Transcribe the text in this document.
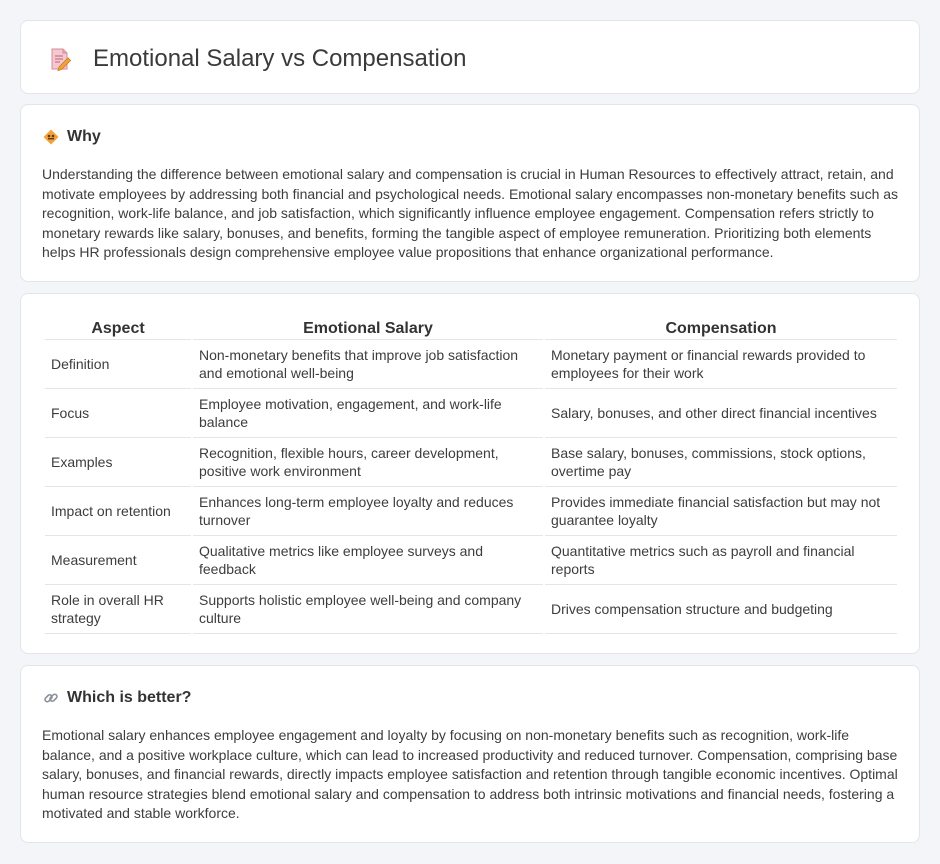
Emotional Salary vs Compensation
Why

Understanding the difference between emotional salary and compensation is crucial in Human Resources to effectively attract, retain, and motivate employees by addressing both financial and psychological needs. Emotional salary encompasses non-monetary benefits such as recognition, work-life balance, and job satisfaction, which significantly influence employee engagement. Compensation refers strictly to monetary rewards like salary, bonuses, and benefits, forming the tangible aspect of employee remuneration. Prioritizing both elements helps HR professionals design comprehensive employee value propositions that enhance organizational performance.

Aspect	Emotional Salary	Compensation
Definition	Non-monetary benefits that improve job satisfaction and emotional well-being	Monetary payment or financial rewards provided to employees for their work
Focus	Employee motivation, engagement, and work-life balance	Salary, bonuses, and other direct financial incentives
Examples	Recognition, flexible hours, career development, positive work environment	Base salary, bonuses, commissions, stock options, overtime pay
Impact on retention	Enhances long-term employee loyalty and reduces turnover	Provides immediate financial satisfaction but may not guarantee loyalty
Measurement	Qualitative metrics like employee surveys and feedback	Quantitative metrics such as payroll and financial reports
Role in overall HR strategy	Supports holistic employee well-being and company culture	Drives compensation structure and budgeting
Which is better?

Emotional salary enhances employee engagement and loyalty by focusing on non-monetary benefits such as recognition, work-life balance, and a positive workplace culture, which can lead to increased productivity and reduced turnover. Compensation, comprising base salary, bonuses, and financial rewards, directly impacts employee satisfaction and retention through tangible economic incentives. Optimal human resource strategies blend emotional salary and compensation to address both intrinsic motivations and financial needs, fostering a motivated and stable workforce.
